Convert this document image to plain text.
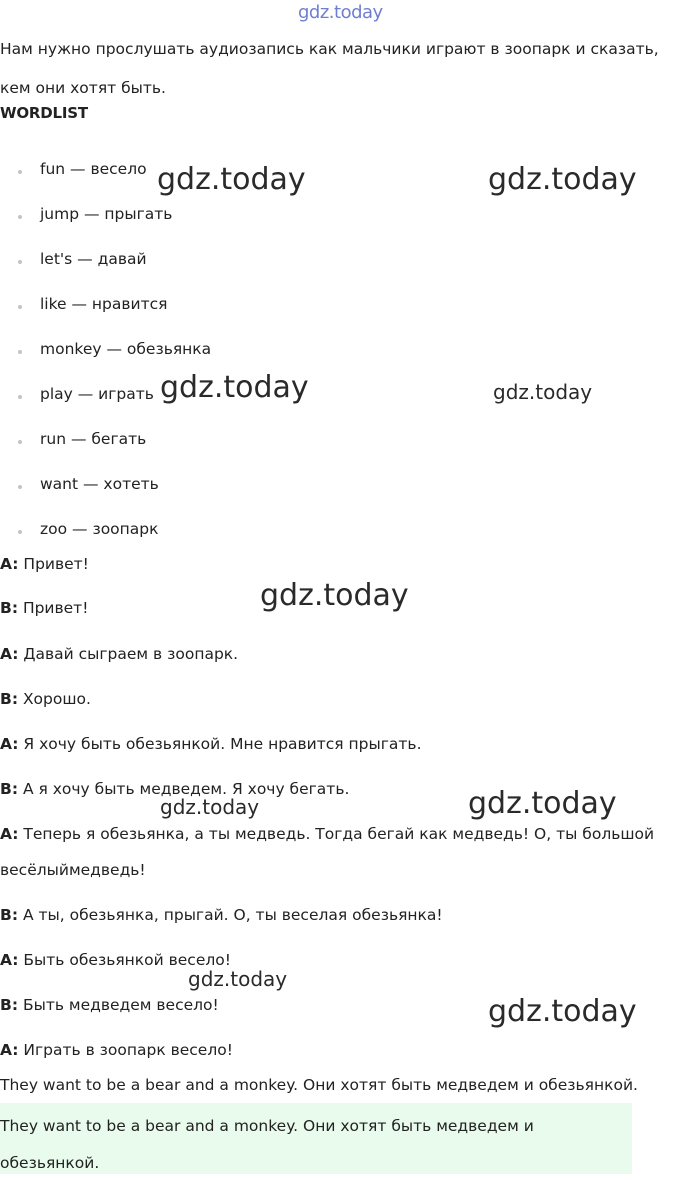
gdz.today
Нам нужно прослушать аудиозапись как мальчики играют в зоопарк и сказать, кем они хотят быть.
WORDLIST
fun — весело
jump — прыгать
let's — давай
like — нравится
monkey — обезьянка
play — играть
run — бегать
want — хотеть
zoo — зоопарк
A: Привет!
B: Привет!
A: Давай сыграем в зоопарк.
B: Хорошо.
A: Я хочу быть обезьянкой. Мне нравится прыгать.
B: А я хочу быть медведем. Я хочу бегать.
A: Теперь я обезьянка, а ты медведь. Тогда бегай как медведь! О, ты большой
весёлыймедведь!
B: А ты, обезьянка, прыгай. О, ты веселая обезьянка!
A: Быть обезьянкой весело!
B: Быть медведем весело!
A: Играть в зоопарк весело!
They want to be a bear and a monkey. Они хотят быть медведем и обезьянкой.
They want to be a bear and a monkey. Они хотят быть медведем и обезьянкой.
gdz.today	gdz.today
gdz.today	gdz.today
gdz.today
gdz.today	gdz.today
gdz.today
gdz.today
